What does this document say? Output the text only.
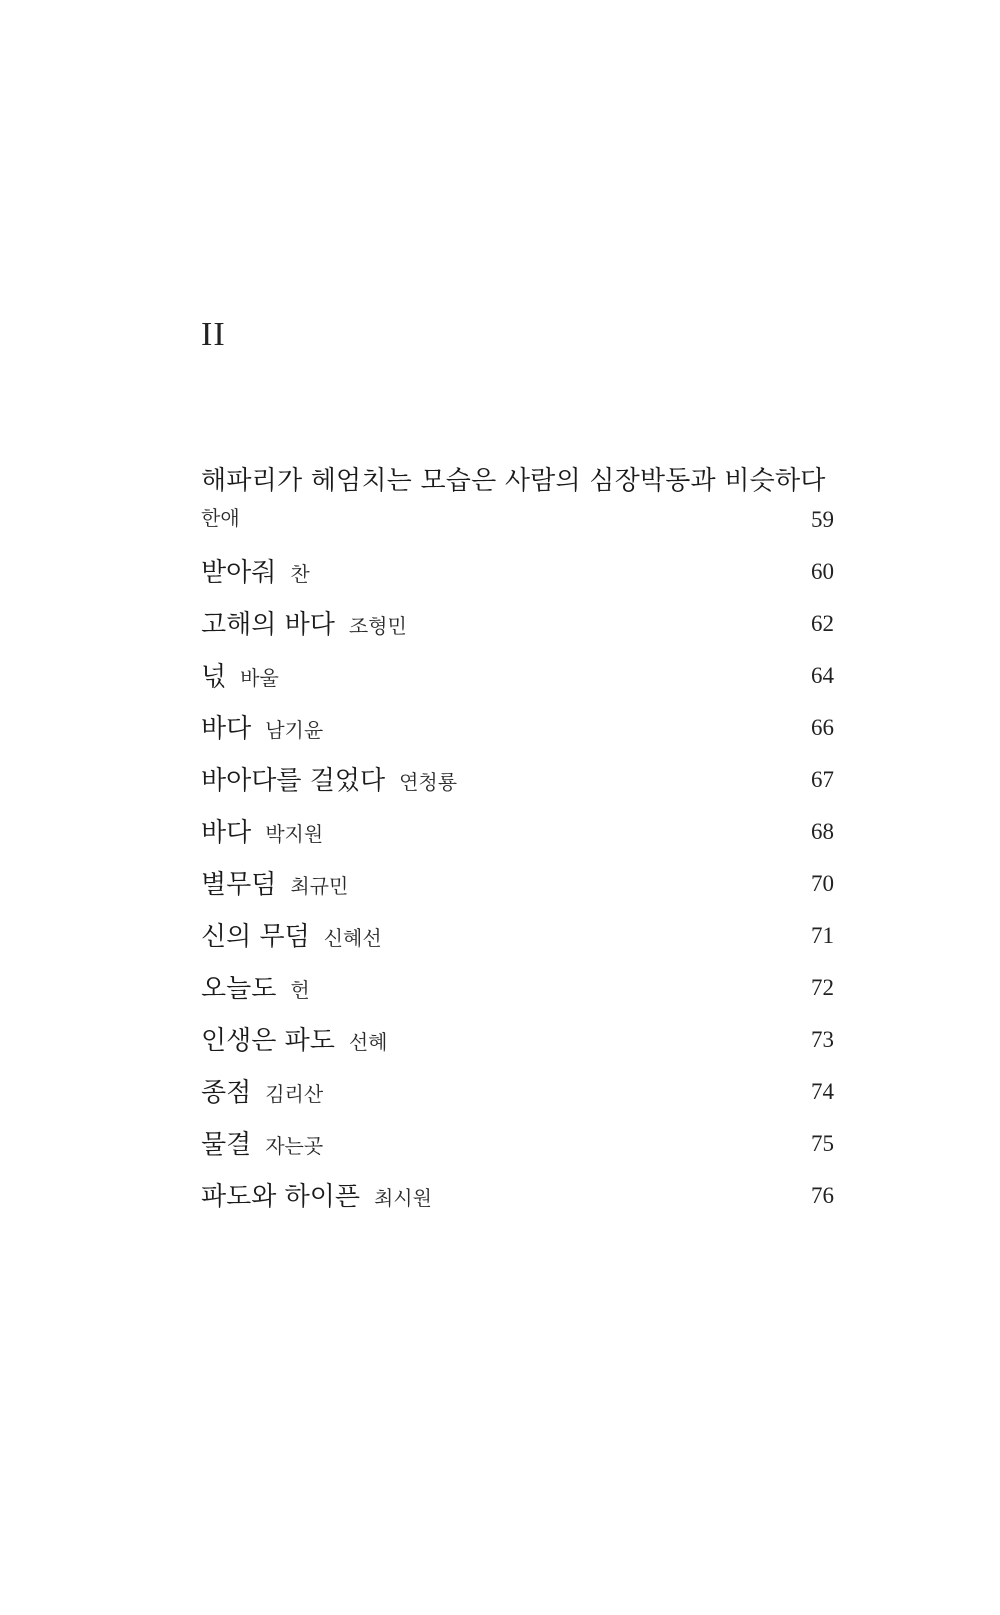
II
해파리가 헤엄치는 모습은 사람의 심장박동과 비슷하다
한애	59
받아줘 찬	60
고해의 바다 조형민	62
넋 바울	64
바다 남기윤	66
바아다를 걸었다 연청룡	67
바다 박지원	68
별무덤 최규민	70
신의 무덤 신혜선	71
오늘도 헌	72
인생은 파도 선혜	73
종점 김리산	74
물결 자는곳	75
파도와 하이픈 최시원	76
